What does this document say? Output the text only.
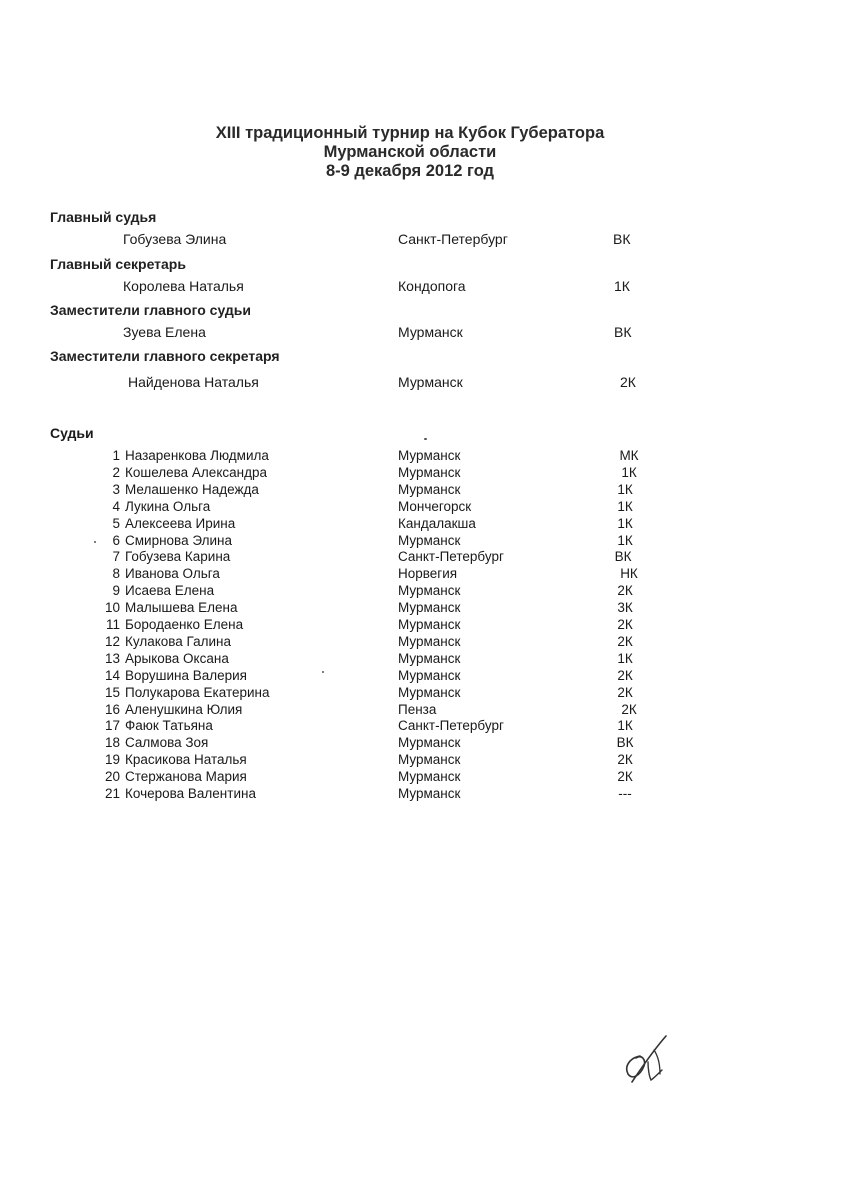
XIII традиционный турнир на Кубок Губератора
Мурманской области
8-9 декабря 2012 год
Главный судья
Гобузева Элина	Санкт-Петербург	ВК
Главный секретарь
Королева Наталья	Кондопога	1К
Заместители главного судьи
Зуева Елена	Мурманск	ВК
Заместители главного секретаря
Найденова Наталья	Мурманск	2К
Судьи
1 Назаренкова Людмила	Мурманск	МК
2 Кошелева Александра	Мурманск	1К
3 Мелашенко Надежда	Мурманск	1К
4 Лукина Ольга	Мончегорск	1К
5 Алексеева Ирина	Кандалакша	1К
6 Смирнова Элина	Мурманск	1К
7 Гобузева Карина	Санкт-Петербург	ВК
8 Иванова Ольга	Норвегия	НК
9 Исаева Елена	Мурманск	2К
10 Малышева Елена	Мурманск	3К
11 Бородаенко Елена	Мурманск	2К
12 Кулакова Галина	Мурманск	2К
13 Арыкова Оксана	Мурманск	1К
14 Ворушина Валерия	Мурманск	2К
15 Полукарова Екатерина	Мурманск	2К
16 Аленушкина Юлия	Пенза	2К
17 Фаюк Татьяна	Санкт-Петербург	1К
18 Салмова Зоя	Мурманск	ВК
19 Красикова Наталья	Мурманск	2К
20 Стержанова Мария	Мурманск	2К
21 Кочерова Валентина	Мурманск	---
